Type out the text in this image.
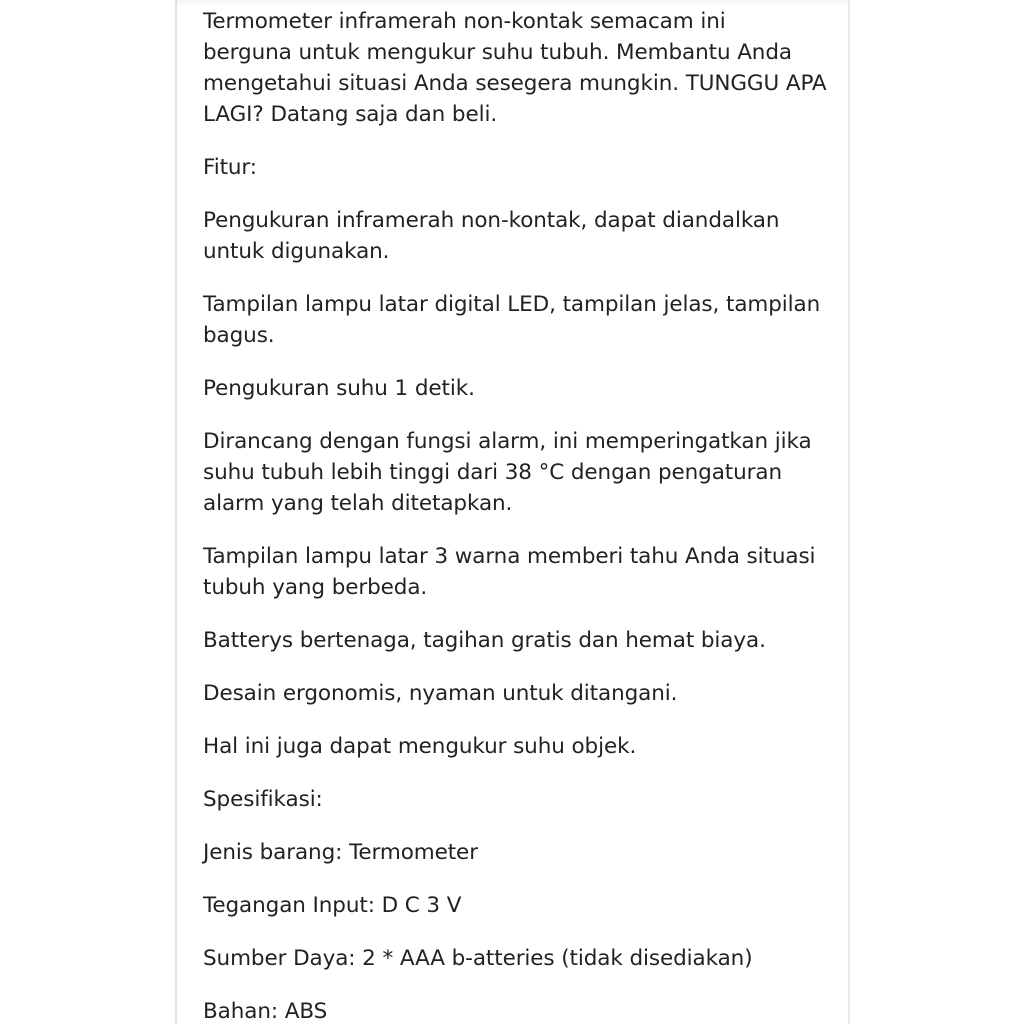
Termometer inframerah non-kontak semacam ini
berguna untuk mengukur suhu tubuh. Membantu Anda
mengetahui situasi Anda sesegera mungkin. TUNGGU APA
LAGI? Datang saja dan beli.

Fitur:

Pengukuran inframerah non-kontak, dapat diandalkan
untuk digunakan.

Tampilan lampu latar digital LED, tampilan jelas, tampilan
bagus.

Pengukuran suhu 1 detik.

Dirancang dengan fungsi alarm, ini memperingatkan jika
suhu tubuh lebih tinggi dari 38 °C dengan pengaturan
alarm yang telah ditetapkan.

Tampilan lampu latar 3 warna memberi tahu Anda situasi
tubuh yang berbeda.

Batterys bertenaga, tagihan gratis dan hemat biaya.

Desain ergonomis, nyaman untuk ditangani.

Hal ini juga dapat mengukur suhu objek.

Spesifikasi:

Jenis barang: Termometer

Tegangan Input: D C 3 V

Sumber Daya: 2 * AAA b-atteries (tidak disediakan)

Bahan: ABS
